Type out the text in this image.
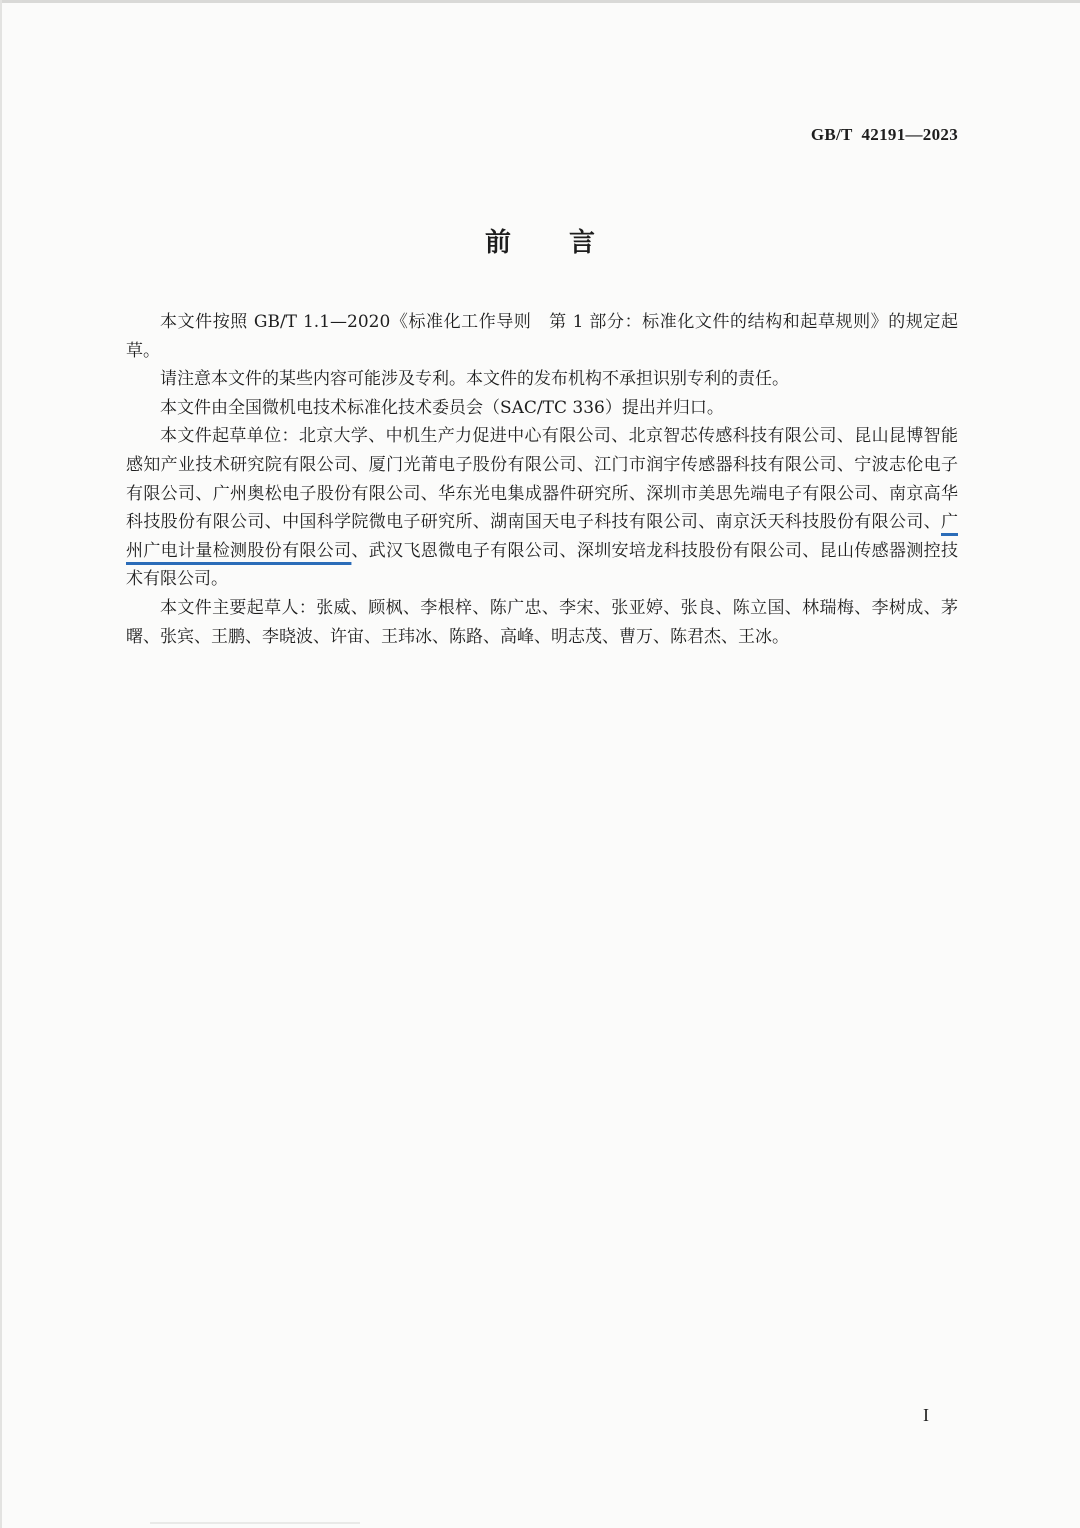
GB/T  42191—2023
前言

本文件按照 GB/T 1.1—2020《标准化工作导则　第 1 部分：标准化文件的结构和起草规则》的规定起草。

请注意本文件的某些内容可能涉及专利。本文件的发布机构不承担识别专利的责任。

本文件由全国微机电技术标准化技术委员会（SAC/TC 336）提出并归口。

本文件起草单位：北京大学、中机生产力促进中心有限公司、北京智芯传感科技有限公司、昆山昆博智能感知产业技术研究院有限公司、厦门光莆电子股份有限公司、江门市润宇传感器科技有限公司、宁波志伦电子有限公司、广州奥松电子股份有限公司、华东光电集成器件研究所、深圳市美思先端电子有限公司、南京高华科技股份有限公司、中国科学院微电子研究所、湖南国天电子科技有限公司、南京沃天科技股份有限公司、广州广电计量检测股份有限公司、武汉飞恩微电子有限公司、深圳安培龙科技股份有限公司、昆山传感器测控技术有限公司。

本文件主要起草人：张威、顾枫、李根梓、陈广忠、李宋、张亚婷、张良、陈立国、林瑞梅、李树成、茅曙、张宾、王鹏、李晓波、许宙、王玮冰、陈路、高峰、明志茂、曹万、陈君杰、王冰。

I
